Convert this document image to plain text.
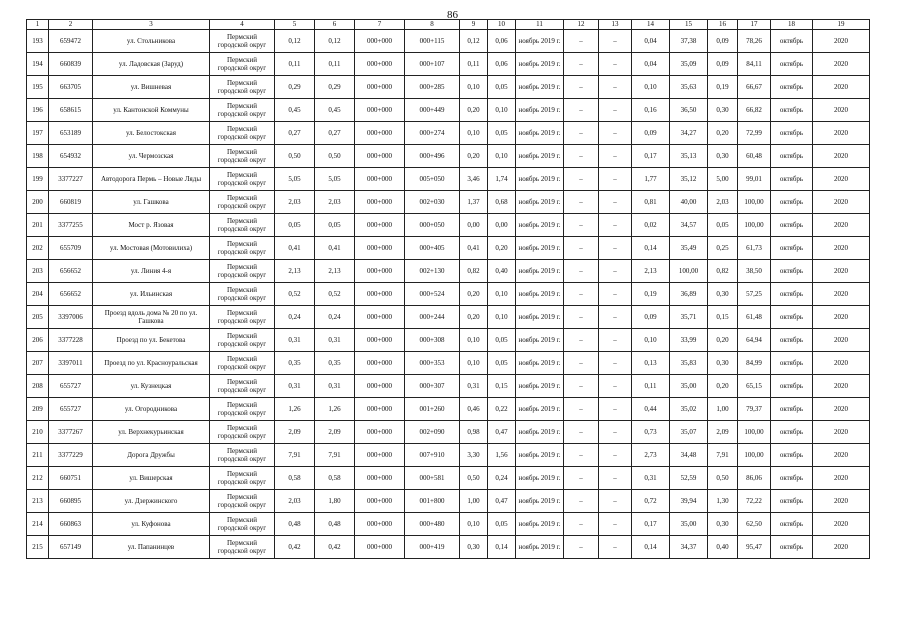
86
1	2	3	4	5	6	7	8	9	10	11	12	13	14	15	16	17	18	19
193	659472	ул. Стольникова	Пермский городской округ	0,12	0,12	000+000	000+115	0,12	0,06	ноябрь 2019 г.	–	–	0,04	37,38	0,09	78,26	октябрь	2020
194	660839	ул. Ладовская (Заруд)	Пермский городской округ	0,11	0,11	000+000	000+107	0,11	0,06	ноябрь 2019 г.	–	–	0,04	35,09	0,09	84,11	октябрь	2020
195	663705	ул. Вишневая	Пермский городской округ	0,29	0,29	000+000	000+285	0,10	0,05	ноябрь 2019 г.	–	–	0,10	35,63	0,19	66,67	октябрь	2020
196	658615	ул. Кантонской Коммуны	Пермский городской округ	0,45	0,45	000+000	000+449	0,20	0,10	ноябрь 2019 г.	–	–	0,16	36,50	0,30	66,82	октябрь	2020
197	653189	ул. Белостокская	Пермский городской округ	0,27	0,27	000+000	000+274	0,10	0,05	ноябрь 2019 г.	–	–	0,09	34,27	0,20	72,99	октябрь	2020
198	654932	ул. Чермозская	Пермский городской округ	0,50	0,50	000+000	000+496	0,20	0,10	ноябрь 2019 г.	–	–	0,17	35,13	0,30	60,48	октябрь	2020
199	3377227	Автодорога Пермь – Новые Ляды	Пермский городской округ	5,05	5,05	000+000	005+050	3,46	1,74	ноябрь 2019 г.	–	–	1,77	35,12	5,00	99,01	октябрь	2020
200	660819	ул. Гашкова	Пермский городской округ	2,03	2,03	000+000	002+030	1,37	0,68	ноябрь 2019 г.	–	–	0,81	40,00	2,03	100,00	октябрь	2020
201	3377255	Мост р. Язовая	Пермский городской округ	0,05	0,05	000+000	000+050	0,00	0,00	ноябрь 2019 г.	–	–	0,02	34,57	0,05	100,00	октябрь	2020
202	655709	ул. Мостовая (Мотовилиха)	Пермский городской округ	0,41	0,41	000+000	000+405	0,41	0,20	ноябрь 2019 г.	–	–	0,14	35,49	0,25	61,73	октябрь	2020
203	656652	ул. Линия 4-я	Пермский городской округ	2,13	2,13	000+000	002+130	0,82	0,40	ноябрь 2019 г.	–	–	2,13	100,00	0,82	38,50	октябрь	2020
204	656652	ул. Ильинская	Пермский городской округ	0,52	0,52	000+000	000+524	0,20	0,10	ноябрь 2019 г.	–	–	0,19	36,89	0,30	57,25	октябрь	2020
205	3397006	Проезд вдоль дома № 20 по ул. Гашкова	Пермский городской округ	0,24	0,24	000+000	000+244	0,20	0,10	ноябрь 2019 г.	–	–	0,09	35,71	0,15	61,48	октябрь	2020
206	3377228	Проезд по ул. Бекетова	Пермский городской округ	0,31	0,31	000+000	000+308	0,10	0,05	ноябрь 2019 г.	–	–	0,10	33,99	0,20	64,94	октябрь	2020
207	3397011	Проезд по ул. Красноуральская	Пермский городской округ	0,35	0,35	000+000	000+353	0,10	0,05	ноябрь 2019 г.	–	–	0,13	35,83	0,30	84,99	октябрь	2020
208	655727	ул. Кузнецкая	Пермский городской округ	0,31	0,31	000+000	000+307	0,31	0,15	ноябрь 2019 г.	–	–	0,11	35,00	0,20	65,15	октябрь	2020
209	655727	ул. Огородникова	Пермский городской округ	1,26	1,26	000+000	001+260	0,46	0,22	ноябрь 2019 г.	–	–	0,44	35,02	1,00	79,37	октябрь	2020
210	3377267	ул. Верхнекурьинская	Пермский городской округ	2,09	2,09	000+000	002+090	0,98	0,47	ноябрь 2019 г.	–	–	0,73	35,07	2,09	100,00	октябрь	2020
211	3377229	Дорога Дружбы	Пермский городской округ	7,91	7,91	000+000	007+910	3,30	1,56	ноябрь 2019 г.	–	–	2,73	34,48	7,91	100,00	октябрь	2020
212	660751	ул. Вишерская	Пермский городской округ	0,58	0,58	000+000	000+581	0,50	0,24	ноябрь 2019 г.	–	–	0,31	52,59	0,50	86,06	октябрь	2020
213	660895	ул. Дзержинского	Пермский городской округ	2,03	1,80	000+000	001+800	1,00	0,47	ноябрь 2019 г.	–	–	0,72	39,94	1,30	72,22	октябрь	2020
214	660863	ул. Куфонова	Пермский городской округ	0,48	0,48	000+000	000+480	0,10	0,05	ноябрь 2019 г.	–	–	0,17	35,00	0,30	62,50	октябрь	2020
215	657149	ул. Папанинцев	Пермский городской округ	0,42	0,42	000+000	000+419	0,30	0,14	ноябрь 2019 г.	–	–	0,14	34,37	0,40	95,47	октябрь	2020
